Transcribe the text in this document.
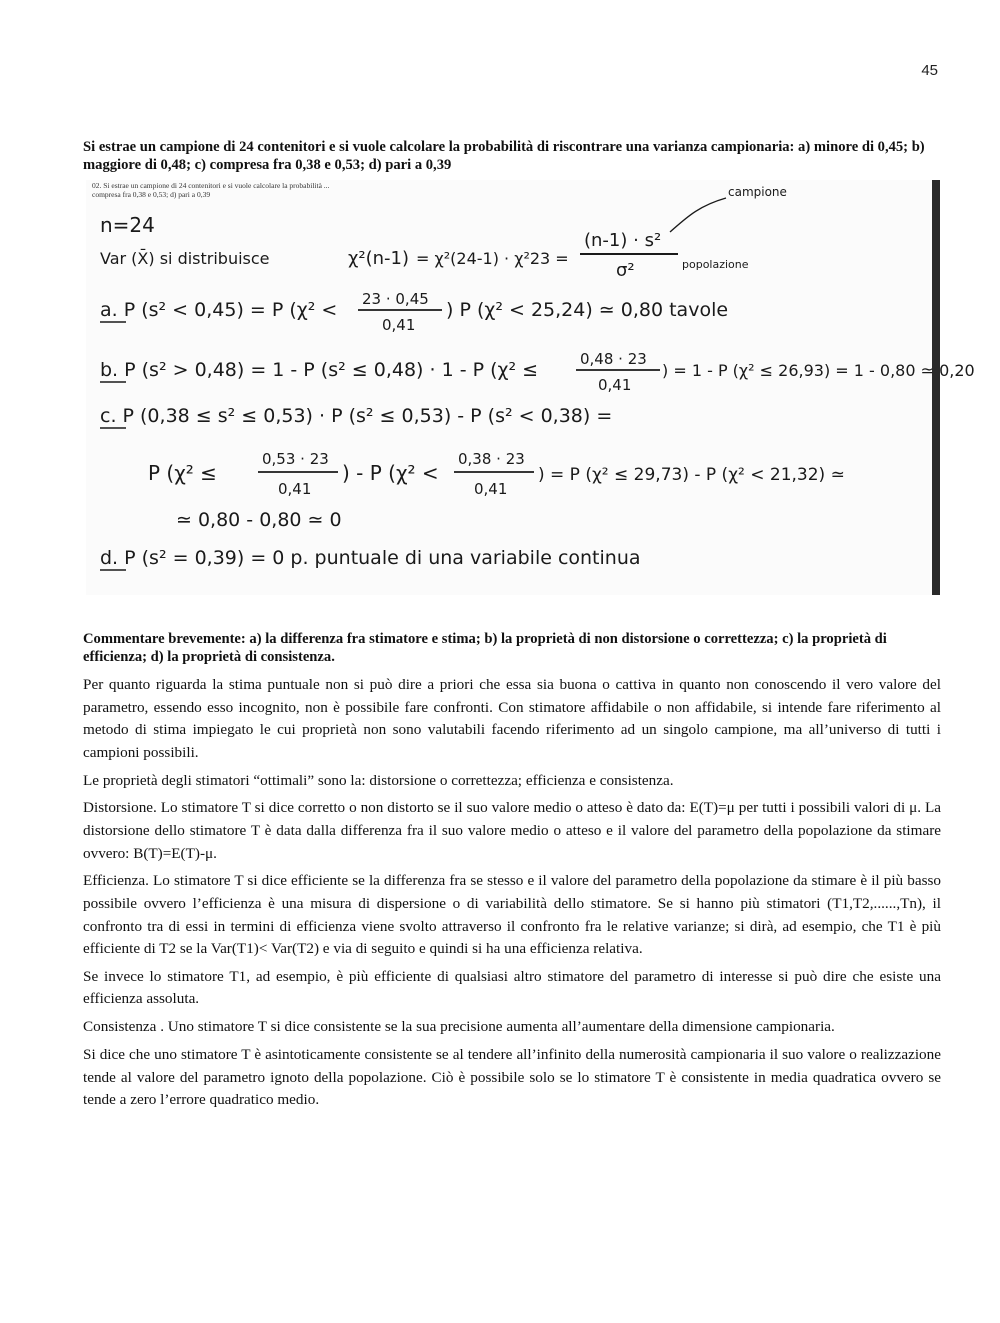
45

Si estrae un campione di 24 contenitori e si vuole calcolare la probabilità di riscontrare una varianza campionaria: a) minore di 0,45; b) maggiore di 0,48; c) compresa fra 0,38 e 0,53; d) pari a 0,39

02. Si estrae un campione di 24 contenitori e si vuole calcolare la probabilità ...
compresa fra 0,38 e 0,53; d) pari a 0,39
n=24
Var (X̄) si distribuisce	χ²(n-1) = χ²(24-1) · χ²23 =
(n-1) · s²
σ²
campione
popolazione
a. P (s² < 0,45) = P (χ² < 23 · 0,45
0,41
) P (χ² < 25,24) ≃ 0,80 tavole
b. P (s² > 0,48) = 1 - P (s² ≤ 0,48) · 1 - P (χ² ≤	0,48 · 23
0,41
) = 1 - P (χ² ≤ 26,93) = 1 - 0,80 ≃ 0,20
c. P (0,38 ≤ s² ≤ 0,53) · P (s² ≤ 0,53) - P (s² < 0,38) =
P (χ² ≤
0,53 · 23
0,41
) - P (χ² <
0,38 · 23
0,41
) = P (χ² ≤ 29,73) - P (χ² < 21,32) ≃
≃ 0,80 - 0,80 ≃ 0
d. P (s² = 0,39) = 0 p. puntuale di una variabile continua

Commentare brevemente: a) la differenza fra stimatore e stima; b) la proprietà di non distorsione o correttezza; c) la proprietà di efficienza; d) la proprietà di consistenza.

Per quanto riguarda la stima puntuale non si può dire a priori che essa sia buona o cattiva in quanto non conoscendo il vero valore del parametro, essendo esso incognito, non è possibile fare confronti. Con stimatore affidabile o non affidabile, si intende fare riferimento al metodo di stima impiegato le cui proprietà non sono valutabili facendo riferimento ad un singolo campione, ma all’universo di tutti i campioni possibili.

Le proprietà degli stimatori “ottimali” sono la: distorsione o correttezza; efficienza e consistenza.

Distorsione. Lo stimatore T si dice corretto o non distorto se il suo valore medio o atteso è dato da: E(T)=μ per tutti i possibili valori di μ. La distorsione dello stimatore T è data dalla differenza fra il suo valore medio o atteso e il valore del parametro della popolazione da stimare ovvero: B(T)=E(T)-μ.

Efficienza. Lo stimatore T si dice efficiente se la differenza fra se stesso e il valore del parametro della popolazione da stimare è il più basso possibile ovvero l’efficienza è una misura di dispersione o di variabilità dello stimatore. Se si hanno più stimatori (T1,T2,......,Tn), il confronto tra di essi in termini di efficienza viene svolto attraverso il confronto fra le relative varianze; si dirà, ad esempio, che T1 è più efficiente di T2 se la Var(T1)< Var(T2) e via di seguito e quindi si ha una efficienza relativa.

Se invece lo stimatore T1, ad esempio, è più efficiente di qualsiasi altro stimatore del parametro di interesse si può dire che esiste una efficienza assoluta.

Consistenza . Uno stimatore T si dice consistente se la sua precisione aumenta all’aumentare della dimensione campionaria.

Si dice che uno stimatore T è asintoticamente consistente se al tendere all’infinito della numerosità campionaria il suo valore o realizzazione tende al valore del parametro ignoto della popolazione. Ciò è possibile solo se lo stimatore T è consistente in media quadratica ovvero se tende a zero l’errore quadratico medio.
